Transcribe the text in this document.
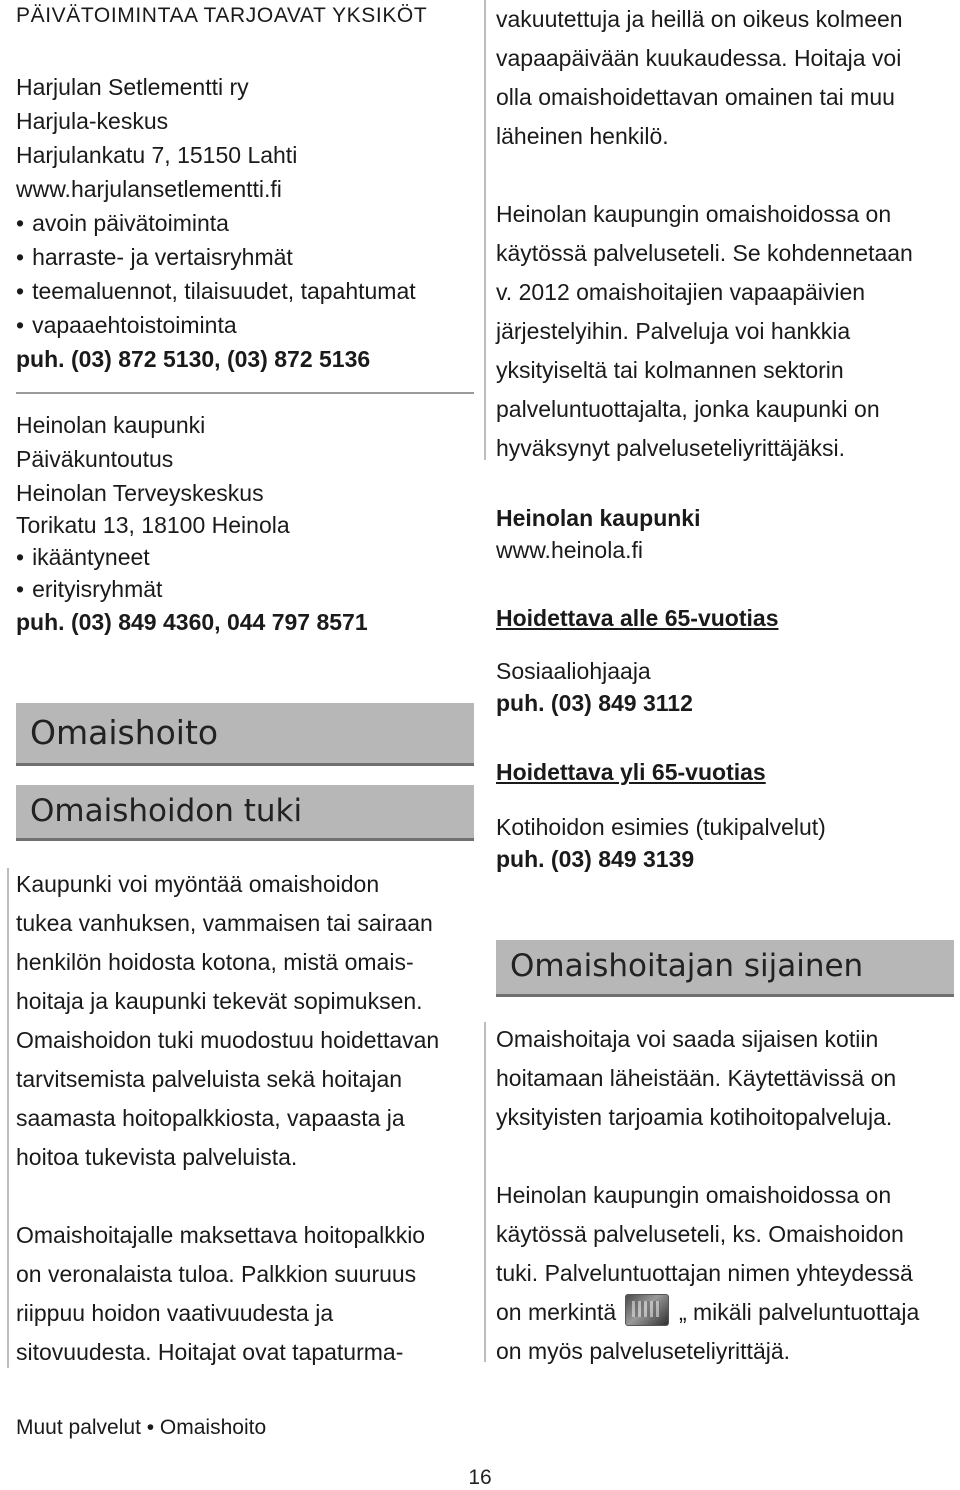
PÄIVÄTOIMINTAA TARJOAVAT YKSIKÖT
Harjulan Setlementti ry
Harjula-keskus
Harjulankatu 7, 15150 Lahti
www.harjulansetlementti.fi
• avoin päivätoiminta
• harraste- ja vertaisryhmät
• teemaluennot, tilaisuudet, tapahtumat
• vapaaehtoistoiminta
puh. (03) 872 5130, (03) 872 5136
Heinolan kaupunki
Päiväkuntoutus
Heinolan Terveyskeskus
Torikatu 13, 18100 Heinola
• ikääntyneet
• erityisryhmät
puh. (03) 849 4360, 044 797 8571
Omaishoito
Omaishoidon tuki
Kaupunki voi myöntää omaishoidon
tukea vanhuksen, vammaisen tai sairaan
henkilön hoidosta kotona, mistä omais-
hoitaja ja kaupunki tekevät sopimuksen.
Omaishoidon tuki muodostuu hoidettavan
tarvitsemista palveluista sekä hoitajan
saamasta hoitopalkkiosta, vapaasta ja
hoitoa tukevista palveluista.
Omaishoitajalle maksettava hoitopalkkio
on veronalaista tuloa. Palkkion suuruus
riippuu hoidon vaativuudesta ja
sitovuudesta. Hoitajat ovat tapaturma-
vakuutettuja ja heillä on oikeus kolmeen
vapaapäivään kuukaudessa. Hoitaja voi
olla omaishoidettavan omainen tai muu
läheinen henkilö.
Heinolan kaupungin omaishoidossa on
käytössä palveluseteli. Se kohdennetaan
v. 2012 omaishoitajien vapaapäivien
järjestelyihin. Palveluja voi hankkia
yksityiseltä tai kolmannen sektorin
palveluntuottajalta, jonka kaupunki on
hyväksynyt palveluseteliyrittäjäksi.
Heinolan kaupunki
www.heinola.fi
Hoidettava alle 65-vuotias
Sosiaaliohjaaja
puh. (03) 849 3112
Hoidettava yli 65-vuotias
Kotihoidon esimies (tukipalvelut)
puh. (03) 849 3139
Omaishoitajan sijainen
Omaishoitaja voi saada sijaisen kotiin
hoitamaan läheistään. Käytettävissä on
yksityisten tarjoamia kotihoitopalveluja.
Heinolan kaupungin omaishoidossa on
käytössä palveluseteli, ks. Omaishoidon
tuki. Palveluntuottajan nimen yhteydessä
on merkintä	„ mikäli palveluntuottaja
on myös palveluseteliyrittäjä.
Muut palvelut • Omaishoito
16
